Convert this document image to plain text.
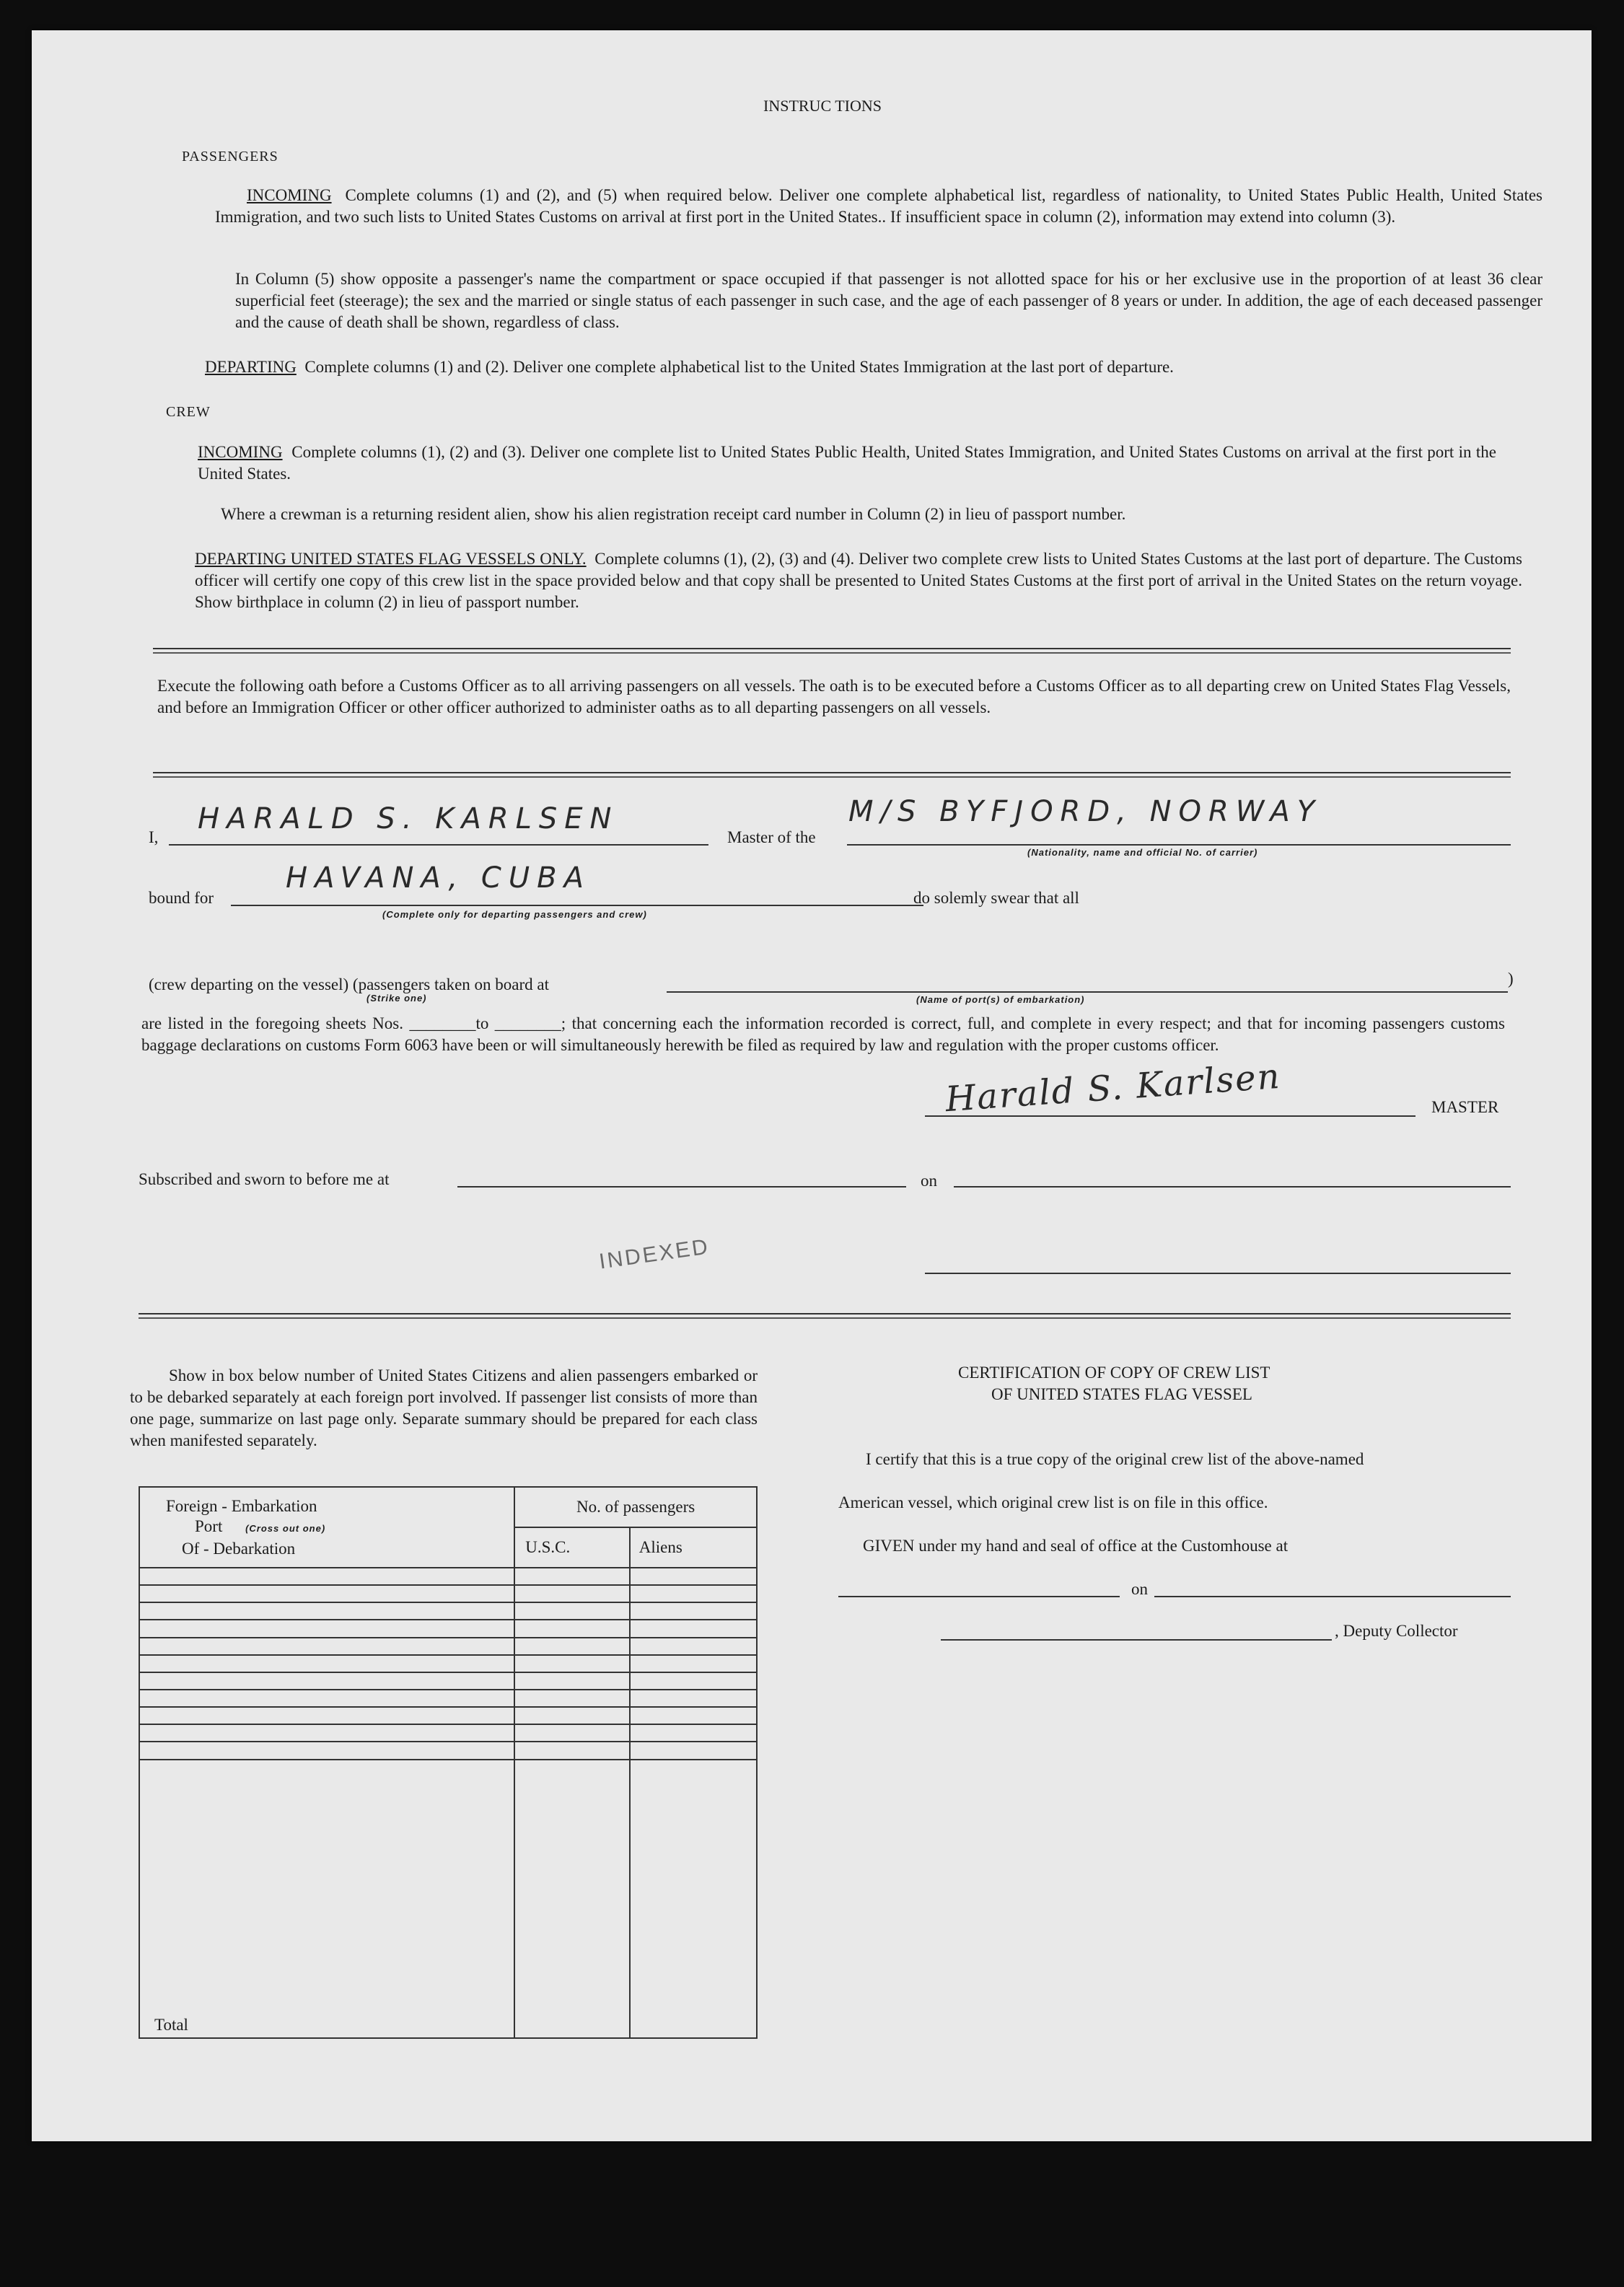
INSTRUC TIONS
PASSENGERS
INCOMING Complete columns (1) and (2), and (5) when required below. Deliver one complete alphabetical list, regardless of nationality, to United States Public Health, United States Immigration, and two such lists to United States Customs on arrival at first port in the United States.. If insufficient space in column (2), information may extend into column (3).
In Column (5) show opposite a passenger's name the compartment or space occupied if that passenger is not allotted space for his or her exclusive use in the proportion of at least 36 clear superficial feet (steerage); the sex and the married or single status of each passenger in such case, and the age of each passenger of 8 years or under. In addition, the age of each deceased passenger and the cause of death shall be shown, regardless of class.
DEPARTING Complete columns (1) and (2). Deliver one complete alphabetical list to the United States Immigration at the last port of departure.
CREW
INCOMING Complete columns (1), (2) and (3). Deliver one complete list to United States Public Health, United States Immigration, and United States Customs on arrival at the first port in the United States.
Where a crewman is a returning resident alien, show his alien registration receipt card number in Column (2) in lieu of passport number.
DEPARTING UNITED STATES FLAG VESSELS ONLY. Complete columns (1), (2), (3) and (4). Deliver two complete crew lists to United States Customs at the last port of departure. The Customs officer will certify one copy of this crew list in the space provided below and that copy shall be presented to United States Customs at the first port of arrival in the United States on the return voyage. Show birthplace in column (2) in lieu of passport number.
Execute the following oath before a Customs Officer as to all arriving passengers on all vessels. The oath is to be executed before a Customs Officer as to all departing crew on United States Flag Vessels, and before an Immigration Officer or other officer authorized to administer oaths as to all departing passengers on all vessels.
I,
HARALD S. KARLSEN
Master of the
M/S BYFJORD, NORWAY
(Nationality, name and official No. of carrier)
bound for
HAVANA, CUBA
(Complete only for departing passengers and crew)
do solemly swear that all
(crew departing on the vessel) (passengers taken on board at	)
(Strike one)	(Name of port(s) of embarkation)
are listed in the foregoing sheets Nos. ________to ________; that concerning each the information recorded is correct, full, and complete in every respect; and that for incoming passengers customs baggage declarations on customs Form 6063 have been or will simultaneously herewith be filed as required by law and regulation with the proper customs officer.
Harald S. Karlsen	MASTER
Subscribed and sworn to before me at	on
INDEXED
Show in box below number of United States Citizens and alien passengers embarked or to be debarked separately at each foreign port involved. If passenger list consists of more than one page, summarize on last page only. Separate summary should be prepared for each class when manifested separately.
Foreign - Embarkation
Port (Cross out one)
Of - Debarkation	No. of passengers	
	U.S.C.	Aliens

Total		
CERTIFICATION OF COPY OF CREW LIST
OF UNITED STATES FLAG VESSEL
I certify that this is a true copy of the original crew list of the above-named
American vessel, which original crew list is on file in this office.
GIVEN under my hand and seal of office at the Customhouse at
on
, Deputy Collector
